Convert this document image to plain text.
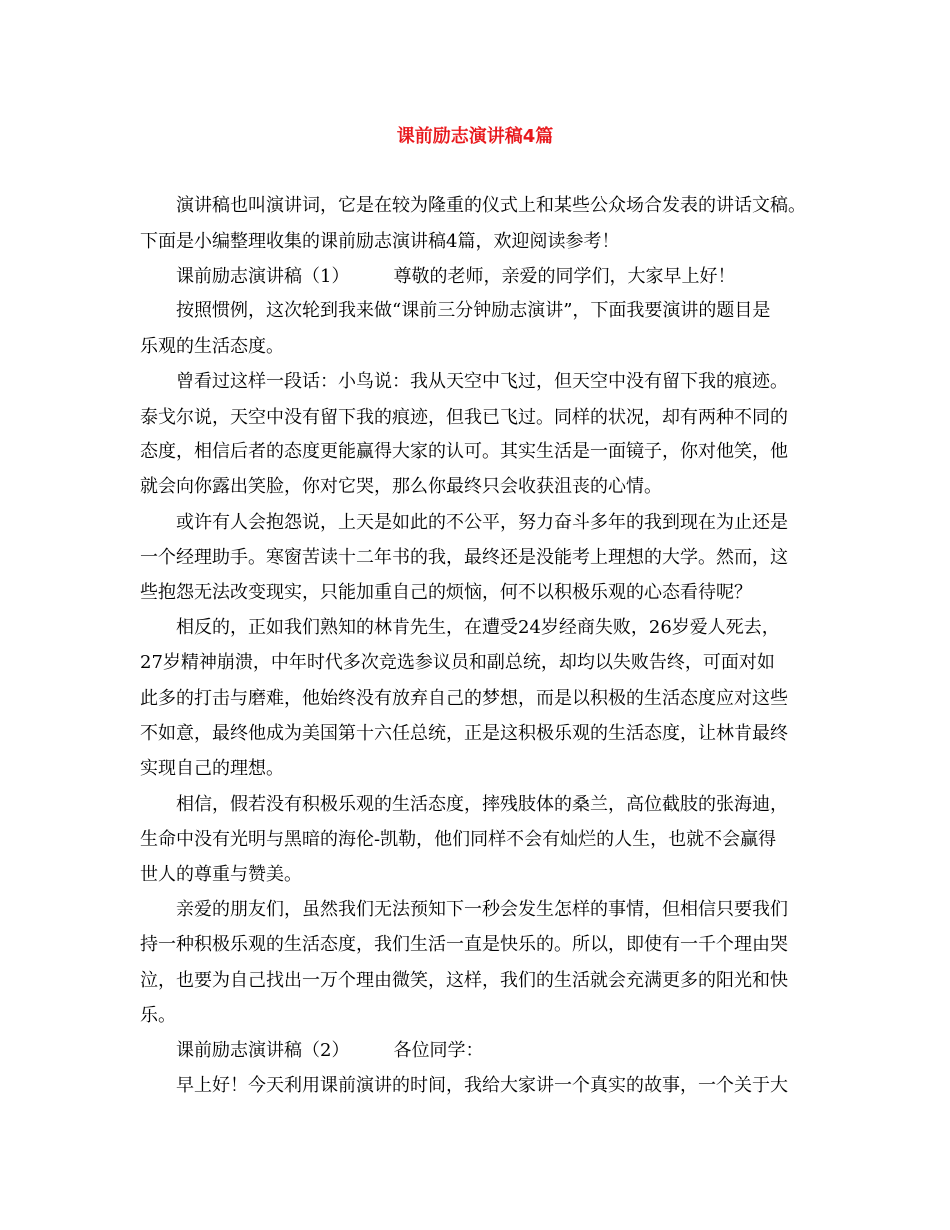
课前励志演讲稿4篇

演讲稿也叫演讲词，它是在较为隆重的仪式上和某些公众场合发表的讲话文稿。

下面是小编整理收集的课前励志演讲稿4篇，欢迎阅读参考！

课前励志演讲稿（1） 尊敬的老师，亲爱的同学们，大家早上好！

按照惯例，这次轮到我来做“课前三分钟励志演讲”，下面我要演讲的题目是

乐观的生活态度。

曾看过这样一段话：小鸟说：我从天空中飞过，但天空中没有留下我的痕迹。

泰戈尔说，天空中没有留下我的痕迹，但我已飞过。同样的状况，却有两种不同的

态度，相信后者的态度更能赢得大家的认可。其实生活是一面镜子，你对他笑，他

就会向你露出笑脸，你对它哭，那么你最终只会收获沮丧的心情。

或许有人会抱怨说，上天是如此的不公平，努力奋斗多年的我到现在为止还是

一个经理助手。寒窗苦读十二年书的我，最终还是没能考上理想的大学。然而，这

些抱怨无法改变现实，只能加重自己的烦恼，何不以积极乐观的心态看待呢？

相反的，正如我们熟知的林肯先生，在遭受24岁经商失败，26岁爱人死去，

27岁精神崩溃，中年时代多次竞选参议员和副总统，却均以失败告终，可面对如

此多的打击与磨难，他始终没有放弃自己的梦想，而是以积极的生活态度应对这些

不如意，最终他成为美国第十六任总统，正是这积极乐观的生活态度，让林肯最终

实现自己的理想。

相信，假若没有积极乐观的生活态度，摔残肢体的桑兰，高位截肢的张海迪，

生命中没有光明与黑暗的海伦-凯勒，他们同样不会有灿烂的人生，也就不会赢得

世人的尊重与赞美。

亲爱的朋友们，虽然我们无法预知下一秒会发生怎样的事情，但相信只要我们

持一种积极乐观的生活态度，我们生活一直是快乐的。所以，即使有一千个理由哭

泣，也要为自己找出一万个理由微笑，这样，我们的生活就会充满更多的阳光和快

乐。

课前励志演讲稿（2） 各位同学：

早上好！今天利用课前演讲的时间，我给大家讲一个真实的故事，一个关于大
